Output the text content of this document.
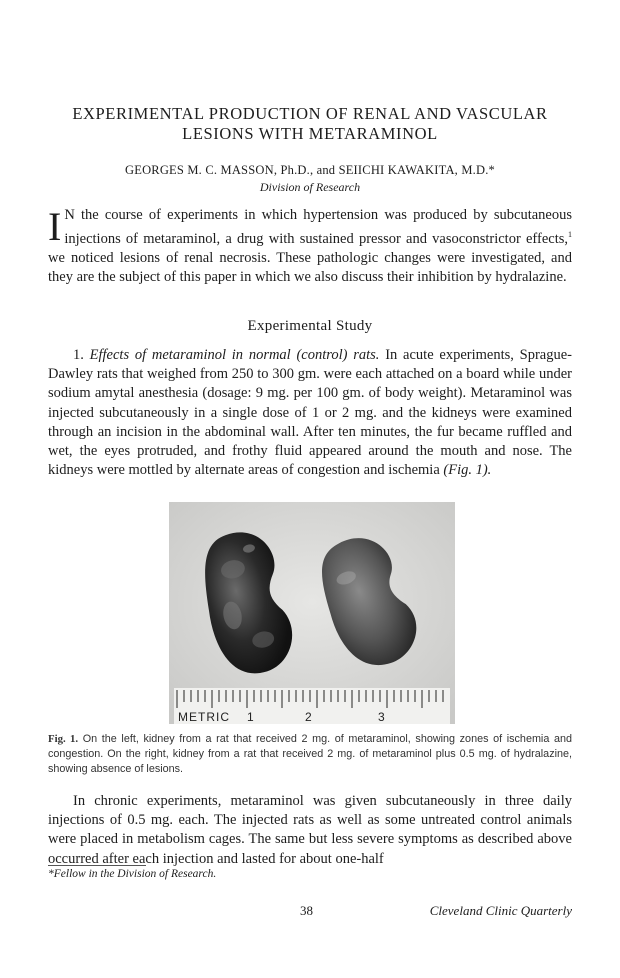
EXPERIMENTAL PRODUCTION OF RENAL AND VASCULAR
LESIONS WITH METARAMINOL
GEORGES M. C. MASSON, Ph.D., and SEIICHI KAWAKITA, M.D.*
Division of Research

I N the course of experiments in which hypertension was produced by subcutaneous injections of metaraminol, a drug with sustained pressor and vasoconstrictor effects,$^1$ we noticed lesions of renal necrosis. These pathologic changes were investigated, and they are the subject of this paper in which we also discuss their inhibition by hydralazine.

Experimental Study

1. Effects of metaraminol in normal (control) rats. In acute experiments, Sprague-Dawley rats that weighed from 250 to 300 gm. were each attached on a board while under sodium amytal anesthesia (dosage: 9 mg. per 100 gm. of body weight). Metaraminol was injected subcutaneously in a single dose of 1 or 2 mg. and the kidneys were examined through an incision in the abdominal wall. After ten minutes, the fur became ruffled and wet, the eyes protruded, and frothy fluid appeared around the mouth and nose. The kidneys were mottled by alternate areas of congestion and ischemia (Fig. 1).

METRIC 1	2	3

Fig. 1. On the left, kidney from a rat that received 2 mg. of metaraminol, showing zones of ischemia and congestion. On the right, kidney from a rat that received 2 mg. of metaraminol plus 0.5 mg. of hydralazine, showing absence of lesions.

In chronic experiments, metaraminol was given subcutaneously in three daily injections of 0.5 mg. each. The injected rats as well as some untreated control animals were placed in metabolism cages. The same but less severe symptoms as described above occurred after each injection and lasted for about one-half

*Fellow in the Division of Research.
38	Cleveland Clinic Quarterly
